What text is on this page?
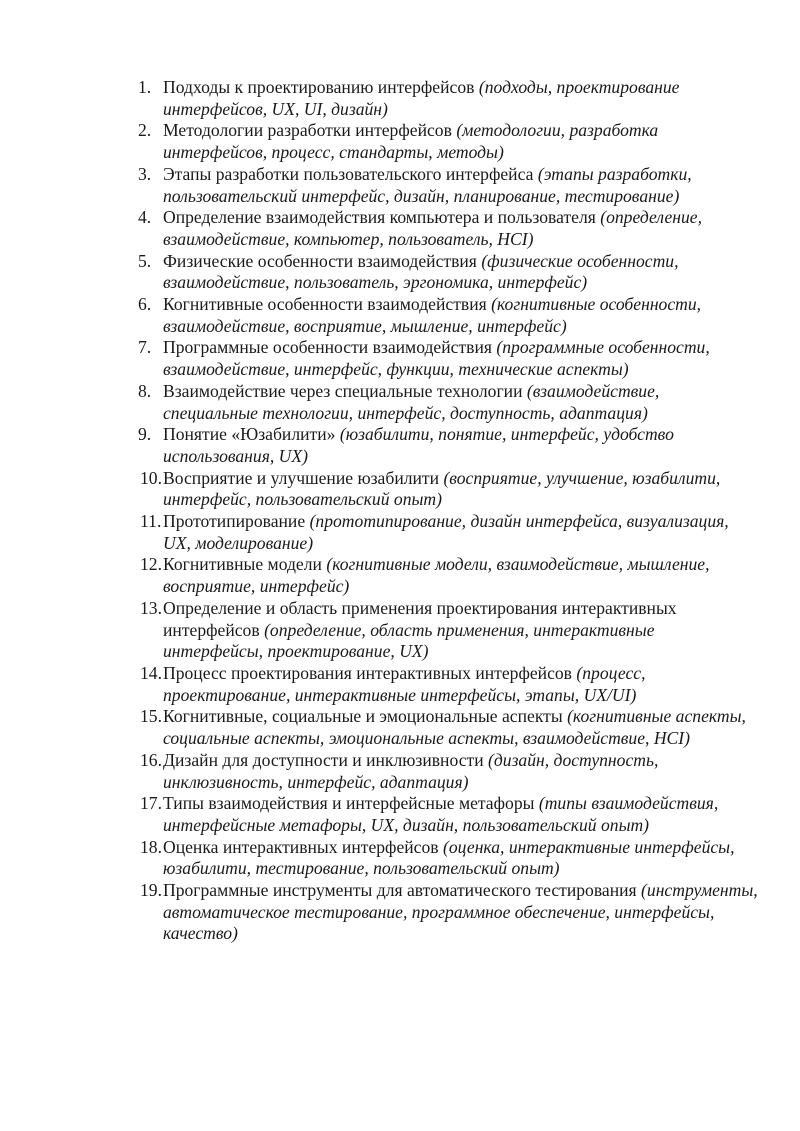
1. Подходы к проектированию интерфейсов (подходы, проектирование интерфейсов, UX, UI, дизайн)
2. Методологии разработки интерфейсов (методологии, разработка интерфейсов, процесс, стандарты, методы)
3. Этапы разработки пользовательского интерфейса (этапы разработки, пользовательский интерфейс, дизайн, планирование, тестирование)
4. Определение взаимодействия компьютера и пользователя (определение, взаимодействие, компьютер, пользователь, HCI)
5. Физические особенности взаимодействия (физические особенности, взаимодействие, пользователь, эргономика, интерфейс)
6. Когнитивные особенности взаимодействия (когнитивные особенности, взаимодействие, восприятие, мышление, интерфейс)
7. Программные особенности взаимодействия (программные особенности, взаимодействие, интерфейс, функции, технические аспекты)
8. Взаимодействие через специальные технологии (взаимодействие, специальные технологии, интерфейс, доступность, адаптация)
9. Понятие «Юзабилити» (юзабилити, понятие, интерфейс, удобство использования, UX)
10. Восприятие и улучшение юзабилити (восприятие, улучшение, юзабилити, интерфейс, пользовательский опыт)
11. Прототипирование (прототипирование, дизайн интерфейса, визуализация, UX, моделирование)
12. Когнитивные модели (когнитивные модели, взаимодействие, мышление, восприятие, интерфейс)
13. Определение и область применения проектирования интерактивных интерфейсов (определение, область применения, интерактивные интерфейсы, проектирование, UX)
14. Процесс проектирования интерактивных интерфейсов (процесс, проектирование, интерактивные интерфейсы, этапы, UX/UI)
15. Когнитивные, социальные и эмоциональные аспекты (когнитивные аспекты, социальные аспекты, эмоциональные аспекты, взаимодействие, HCI)
16. Дизайн для доступности и инклюзивности (дизайн, доступность, инклюзивность, интерфейс, адаптация)
17. Типы взаимодействия и интерфейсные метафоры (типы взаимодействия, интерфейсные метафоры, UX, дизайн, пользовательский опыт)
18. Оценка интерактивных интерфейсов (оценка, интерактивные интерфейсы, юзабилити, тестирование, пользовательский опыт)
19. Программные инструменты для автоматического тестирования (инструменты, автоматическое тестирование, программное обеспечение, интерфейсы, качество)
